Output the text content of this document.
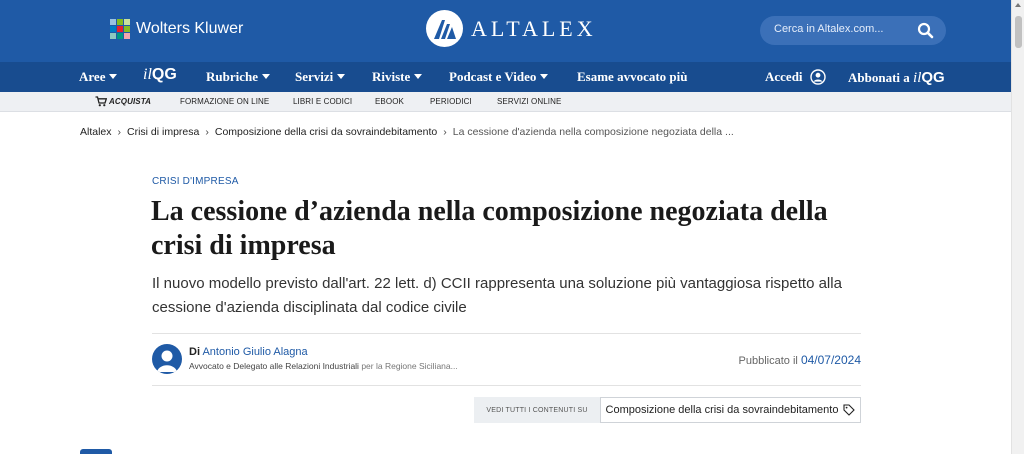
Wolters Kluwer	ALTALEX
Cerca in Altalex.com...
Aree	ilQG Rubriche	Servizi	Riviste	Podcast e Video	Esame avvocato più	Accedi	Abbonati a ilQG
ACQUISTA	FORMAZIONE ON LINE	LIBRI E CODICI	EBOOK	PERIODICI	SERVIZI ONLINE
Altalex › Crisi di impresa › Composizione della crisi da sovraindebitamento › La cessione d'azienda nella composizione negoziata della ...
CRISI D'IMPRESA
La cessione d’azienda nella composizione negoziata della crisi di impresa

Il nuovo modello previsto dall'art. 22 lett. d) CCII rappresenta una soluzione più vantaggiosa rispetto alla cessione d'azienda disciplinata dal codice civile

Di Antonio Giulio Alagna
Avvocato e Delegato alle Relazioni Industriali per la Regione Siciliana...	Pubblicato il 04/07/2024
VEDI TUTTI I CONTENUTI SU	Composizione della crisi da sovraindebitamento
